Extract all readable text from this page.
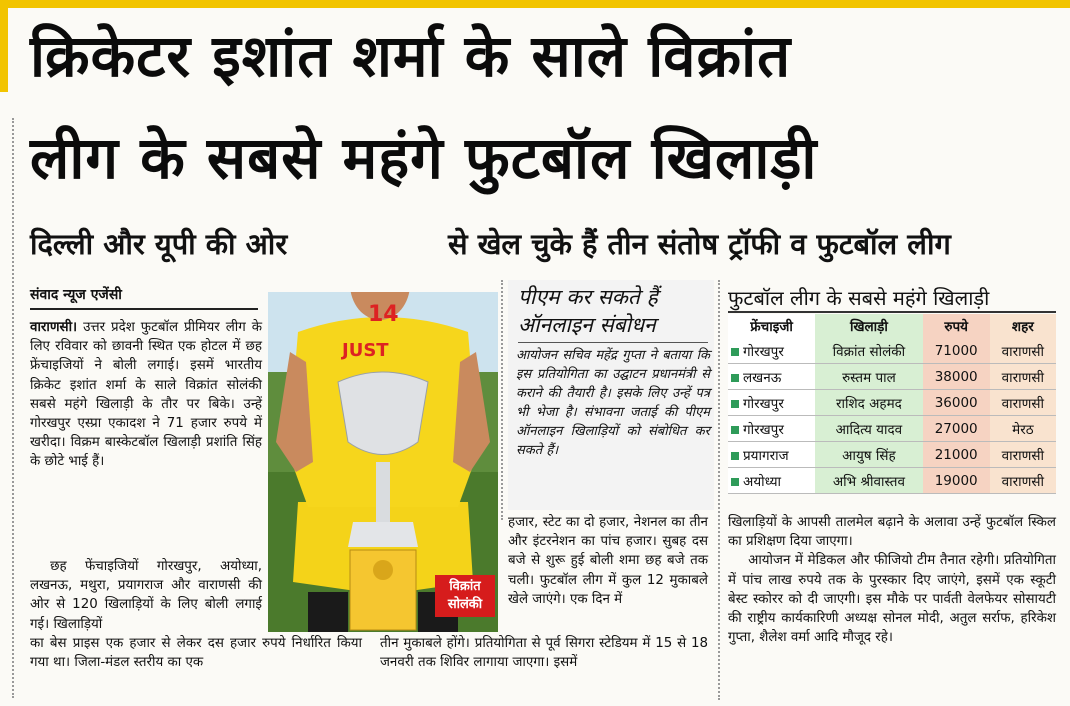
क्रिकेटर इशांत शर्मा के साले विक्रांत
लीग के सबसे महंगे फुटबॉल खिलाड़ी
दिल्ली और यूपी की ओर	से खेल चुके हैं तीन संतोष ट्रॉफी व फुटबॉल लीग
संवाद न्यूज एजेंसी

वाराणसी। उत्तर प्रदेश फुटबॉल प्रीमियर लीग के लिए रविवार को छावनी स्थित एक होटल में छह फ्रेंचाइजियों ने बोली लगाई। इसमें भारतीय क्रिकेट इशांत शर्मा के साले विक्रांत सोलंकी सबसे महंगे खिलाड़ी के तौर पर बिके। उन्हें गोरखपुर एस्प्रा एकादश ने 71 हजार रुपये में खरीदा। विक्रम बास्केटबॉल खिलाड़ी प्रशांति सिंह के छोटे भाई हैं।

छह फेंचाइजियों गोरखपुर, अयोध्या, लखनऊ, मथुरा, प्रयागराज और वाराणसी की ओर से 120 खिलाड़ियों के लिए बोली लगाई गई। खिलाड़ियों

का बेस प्राइस एक हजार से लेकर दस हजार रुपये निर्धारित किया गया था। जिला-मंडल स्तरीय का एक

JUST
14
विक्रांत
सोलंकी
पीएम कर सकते हैं
ऑनलाइन संबोधन
आयोजन सचिव महेंद्र गुप्ता ने बताया कि इस प्रतियोगिता का उद्घाटन प्रधानमंत्री से कराने की तैयारी है। इसके लिए उन्हें पत्र भी भेजा है। संभावना जताई की पीएम ऑनलाइन खिलाड़ियों को संबोधित कर सकते हैं।

हजार, स्टेट का दो हजार, नेशनल का तीन और इंटरनेशन का पांच हजार। सुबह दस बजे से शुरू हुई बोली शमा छह बजे तक चली। फुटबॉल लीग में कुल 12 मुकाबले खेले जाएंगे। एक दिन में

तीन मुकाबले होंगे। प्रतियोगिता से पूर्व सिगरा स्टेडियम में 15 से 18 जनवरी तक शिविर लागाया जाएगा। इसमें

फुटबॉल लीग के सबसे महंगे खिलाड़ी
फ्रेंचाइजी	खिलाड़ी	रुपये	शहर
गोरखपुर	विक्रांत सोलंकी	71000	वाराणसी
लखनऊ	रुस्तम पाल	38000	वाराणसी
गोरखपुर	राशिद अहमद	36000	वाराणसी
गोरखपुर	आदित्य यादव	27000	मेरठ
प्रयागराज	आयुष सिंह	21000	वाराणसी
अयोध्या	अभि श्रीवास्तव	19000	वाराणसी

खिलाड़ियों के आपसी तालमेल बढ़ाने के अलावा उन्हें फुटबॉल स्किल का प्रशिक्षण दिया जाएगा।

आयोजन में मेडिकल और फीजियो टीम तैनात रहेगी। प्रतियोगिता में पांच लाख रुपये तक के पुरस्कार दिए जाएंगे, इसमें एक स्कूटी बेस्ट स्कोरर को दी जाएगी। इस मौके पर पार्वती वेलफेयर सोसायटी की राष्ट्रीय कार्यकारिणी अध्यक्ष सोनल मोदी, अतुल सर्राफ, हरिकेश गुप्ता, शैलेश वर्मा आदि मौजूद रहे।
